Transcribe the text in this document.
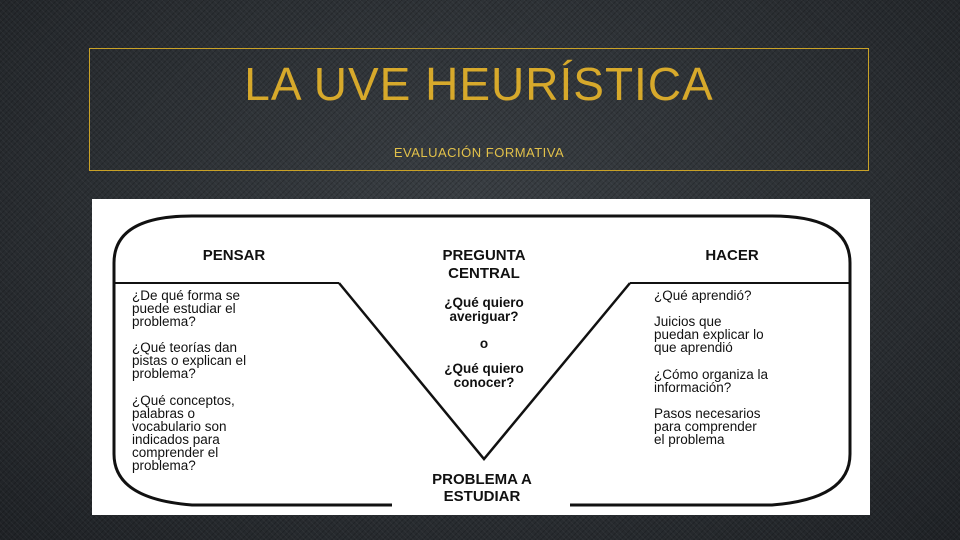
LA UVE HEURÍSTICA
EVALUACIÓN FORMATIVA
PENSAR	PREGUNTA
CENTRAL
HACER
¿De qué forma se
puede estudiar el
problema?
¿Qué teorías dan
pistas o explican el
problema?
¿Qué conceptos,
palabras o
vocabulario son
indicados para
comprender el
problema?
¿Qué quiero
averiguar?
o
¿Qué quiero
conocer?
PROBLEMA A
ESTUDIAR
¿Qué aprendió?
Juicios que
puedan explicar lo
que aprendió
¿Cómo organiza la
información?
Pasos necesarios
para comprender
el problema
